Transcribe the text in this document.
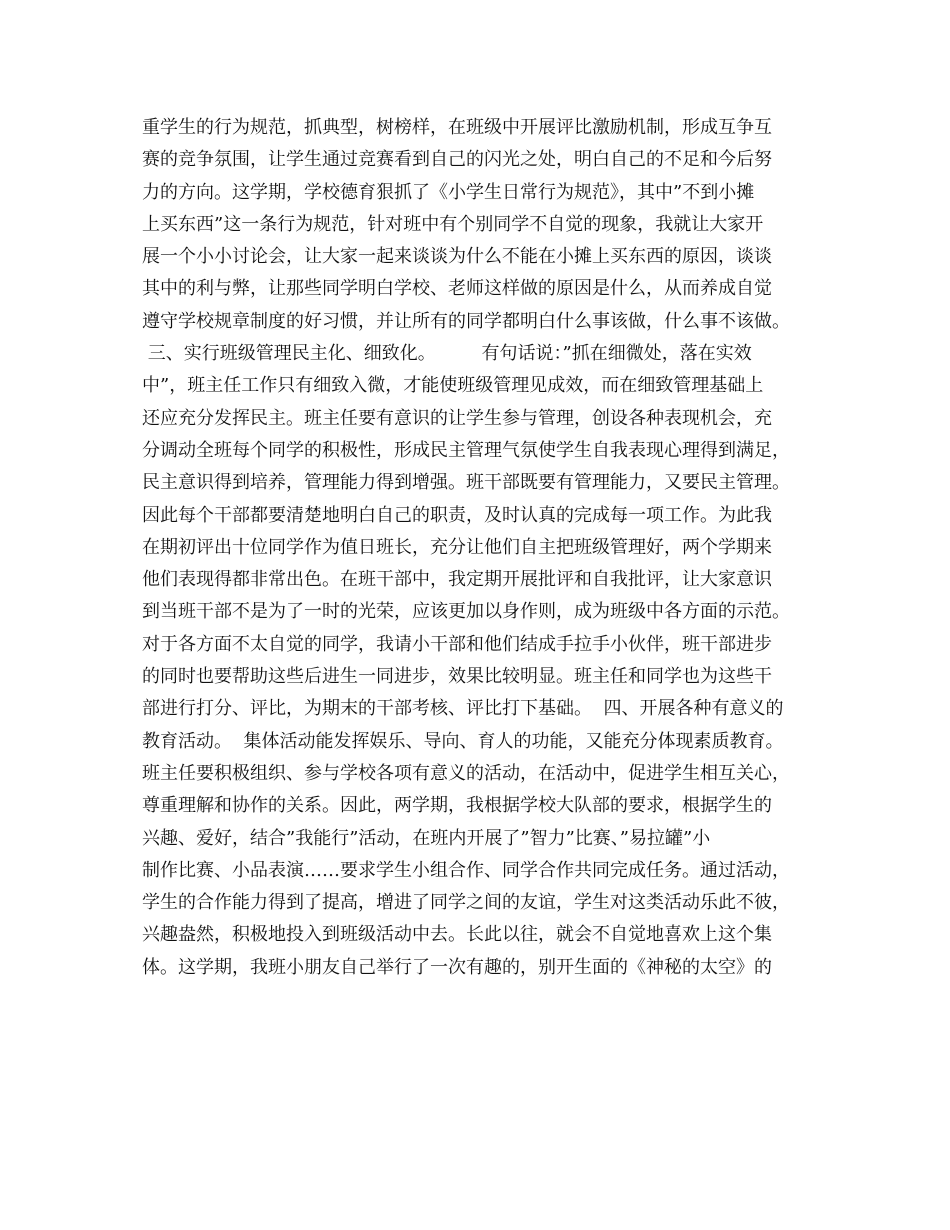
重学生的行为规范，抓典型，树榜样，在班级中开展评比激励机制，形成互争互
赛的竞争氛围，让学生通过竞赛看到自己的闪光之处，明白自己的不足和今后努
力的方向。这学期，学校德育狠抓了《小学生日常行为规范》，其中”不到小摊
上买东西”这一条行为规范，针对班中有个别同学不自觉的现象，我就让大家开
展一个小小讨论会，让大家一起来谈谈为什么不能在小摊上买东西的原因，谈谈
其中的利与弊，让那些同学明白学校、老师这样做的原因是什么，从而养成自觉
遵守学校规章制度的好习惯，并让所有的同学都明白什么事该做，什么事不该做。
三、实行班级管理民主化、细致化。        有句话说：”抓在细微处，落在实效
中”，班主任工作只有细致入微，才能使班级管理见成效，而在细致管理基础上
还应充分发挥民主。班主任要有意识的让学生参与管理，创设各种表现机会，充
分调动全班每个同学的积极性，形成民主管理气氛使学生自我表现心理得到满足，
民主意识得到培养，管理能力得到增强。班干部既要有管理能力，又要民主管理。
因此每个干部都要清楚地明白自己的职责，及时认真的完成每一项工作。为此我
在期初评出十位同学作为值日班长，充分让他们自主把班级管理好，两个学期来
他们表现得都非常出色。在班干部中，我定期开展批评和自我批评，让大家意识
到当班干部不是为了一时的光荣，应该更加以身作则，成为班级中各方面的示范。
对于各方面不太自觉的同学，我请小干部和他们结成手拉手小伙伴，班干部进步
的同时也要帮助这些后进生一同进步，效果比较明显。班主任和同学也为这些干
部进行打分、评比，为期末的干部考核、评比打下基础。  四、开展各种有意义的
教育活动。  集体活动能发挥娱乐、导向、育人的功能，又能充分体现素质教育。
班主任要积极组织、参与学校各项有意义的活动，在活动中，促进学生相互关心，
尊重理解和协作的关系。因此，两学期，我根据学校大队部的要求，根据学生的
兴趣、爱好，结合”我能行”活动，在班内开展了”智力”比赛、”易拉罐”小
制作比赛、小品表演……要求学生小组合作、同学合作共同完成任务。通过活动，
学生的合作能力得到了提高，增进了同学之间的友谊，学生对这类活动乐此不彼，
兴趣盎然，积极地投入到班级活动中去。长此以往，就会不自觉地喜欢上这个集
体。这学期，我班小朋友自己举行了一次有趣的，别开生面的《神秘的太空》的
